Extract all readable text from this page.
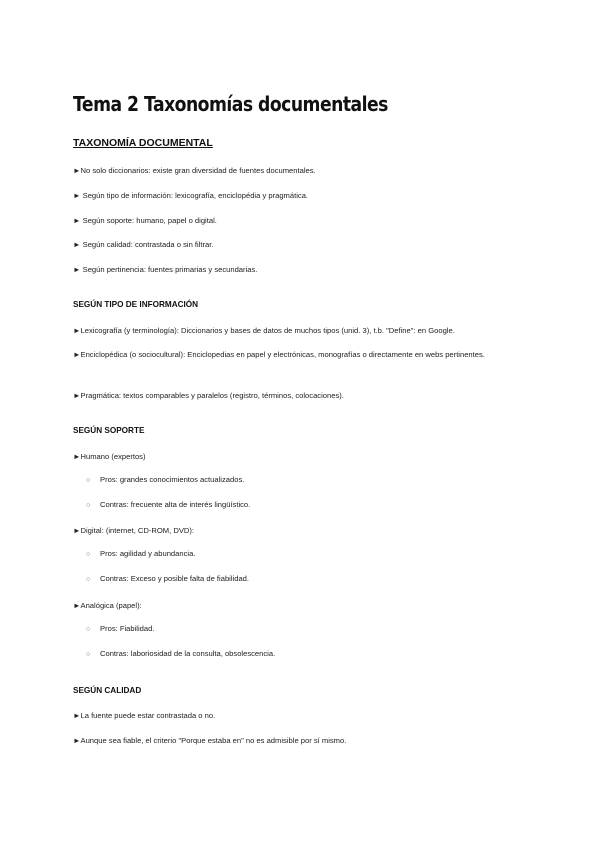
Tema 2 Taxonomías documentales
TAXONOMÍA DOCUMENTAL
►No solo diccionarios: existe gran diversidad de fuentes documentales.
► Según tipo de información: lexicografía, enciclopédia y pragmática.
► Según soporte: humano, papel o digital.
► Según calidad: contrastada o sin filtrar.
► Según pertinencia: fuentes primarias y secundarias.
SEGÚN TIPO DE INFORMACIÓN
►Lexicografía (y terminología): Diccionarios y bases de datos de muchos tipos (unid. 3), t.b. "Define": en Google.
►Enciclopédica (o sociocultural): Enciclopedias en papel y electrónicas, monografías o directamente en webs pertinentes.
►Pragmática: textos comparables y paralelos (registro, términos, colocaciones).
SEGÚN SOPORTE
►Humano (expertos)
○ Pros: grandes conocimientos actualizados.
○ Contras: frecuente alta de interés lingüístico.
►Digital: (internet, CD-ROM, DVD):
○ Pros: agilidad y abundancia.
○ Contras: Exceso y posible falta de fiabilidad.
►Analógica (papel):
○ Pros: Fiabilidad.
○ Contras: laboriosidad de la consulta, obsolescencia.
SEGÚN CALIDAD
►La fuente puede estar contrastada o no.
►Aunque sea fiable, el criterio "Porque estaba en" no es admisible por sí mismo.
